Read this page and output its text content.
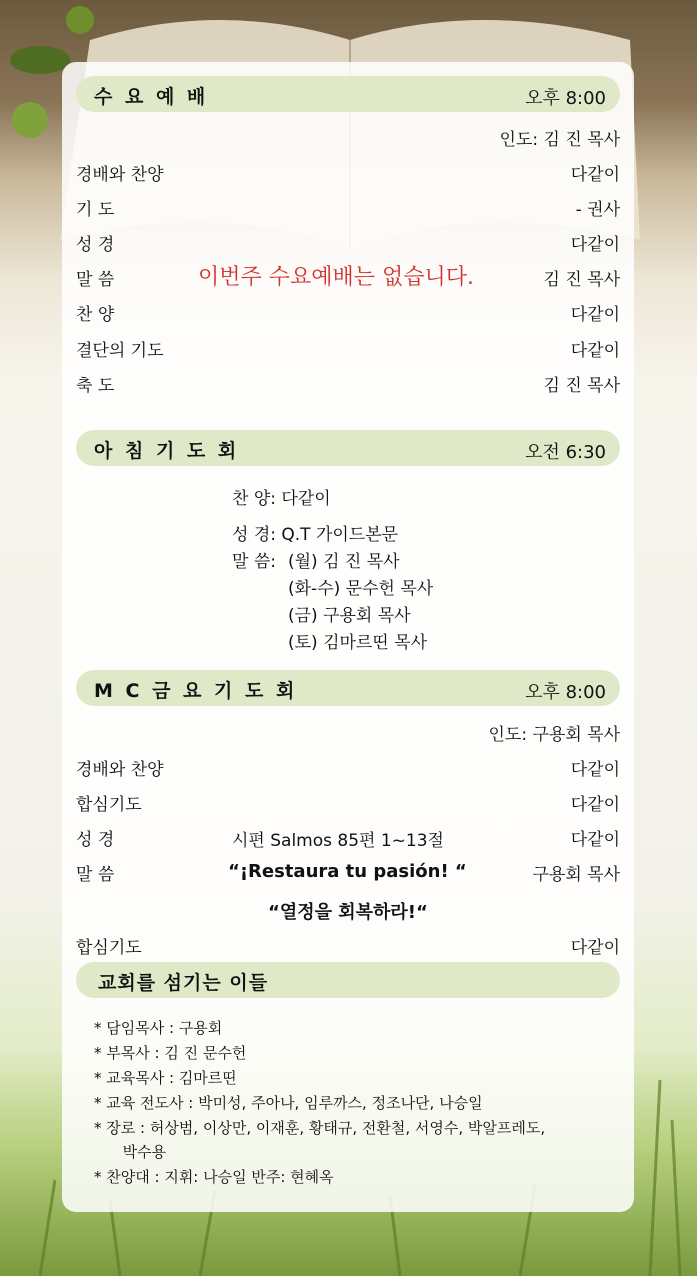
수 요 예 배	오후 8:00
인도: 김 진 목사
경배와 찬양	다같이
기 도	- 권사
성 경	다같이
말 씀	이번주 수요예배는 없습니다.	김 진 목사
찬 양	다같이
결단의 기도	다같이
축 도	김 진 목사
아 침 기 도 회	오전 6:30
찬 양: 다같이
성 경: Q.T 가이드본문
말 씀: (월) 김 진 목사
(화-수) 문수헌 목사
(금) 구용회 목사
(토) 김마르띤 목사
M C 금 요 기 도 회	오후 8:00
인도: 구용회 목사
경배와 찬양	다같이
합심기도	다같이
성 경	시편 Salmos 85편 1~13절	다같이
말 씀	“¡Restaura tu pasión! “	구용회 목사
“열정을 회복하라!“
합심기도	다같이
교회를 섬기는 이들
* 담임목사 : 구용회
* 부목사 : 김 진 문수헌
* 교육목사 : 김마르띤
* 교육 전도사 : 박미성, 주아나, 임루까스, 정조나단, 나승일
* 장로 : 허상범, 이상만, 이재훈, 황태규, 전환철, 서영수, 박알프레도,
박수용
* 찬양대 : 지휘: 나승일 반주: 현혜옥
